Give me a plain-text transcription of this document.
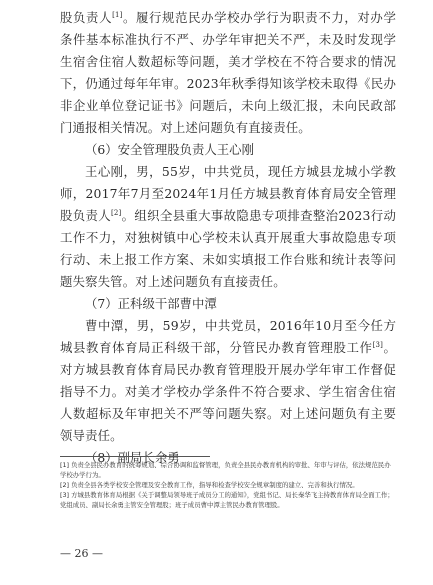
股负责人[1]。履行规范民办学校办学行为职责不力，对办学条件基本标准执行不严、办学年审把关不严，未及时发现学生宿舍住宿人数超标等问题，美才学校在不符合要求的情况下，仍通过每年年审。2023年秋季得知该学校未取得《民办非企业单位登记证书》问题后，未向上级汇报，未向民政部门通报相关情况。对上述问题负有直接责任。

（6）安全管理股负责人王心刚

王心刚，男，55岁，中共党员，现任方城县龙城小学教师，2017年7月至2024年1月任方城县教育体育局安全管理股负责人[2]。组织全县重大事故隐患专项排查整治2023行动工作不力，对独树镇中心学校未认真开展重大事故隐患专项行动、未上报工作方案、未如实填报工作台账和统计表等问题失察失管。对上述问题负有直接责任。

（7）正科级干部曹中潭

曹中潭，男，59岁，中共党员，2016年10月至今任方城县教育体育局正科级干部，分管民办教育管理股工作[3]。对方城县教育体育局民办教育管理股开展办学年审工作督促指导不力。对美才学校办学条件不符合要求、学生宿舍住宿人数超标及年审把关不严等问题失察。对上述问题负有主要领导责任。

（8）副局长余勇

[1] 负责全县民办教育的统筹规划、综合协调和监督管理，负责全县民办教育机构的审批、年审与评估，依法规范民办学校办学行为。

[2] 负责全县各类学校安全管理及安全教育工作，指导和检查学校安全规章制度的建立、完善和执行情况。

[3] 方城县教育体育局根据《关于调整局领导班子成员分工的通知》，党组书记、局长秦华飞主持教育体育局全面工作；党组成员、副局长余勇主管安全管理股；班子成员曹中潭主管民办教育管理股。

— 26 —
